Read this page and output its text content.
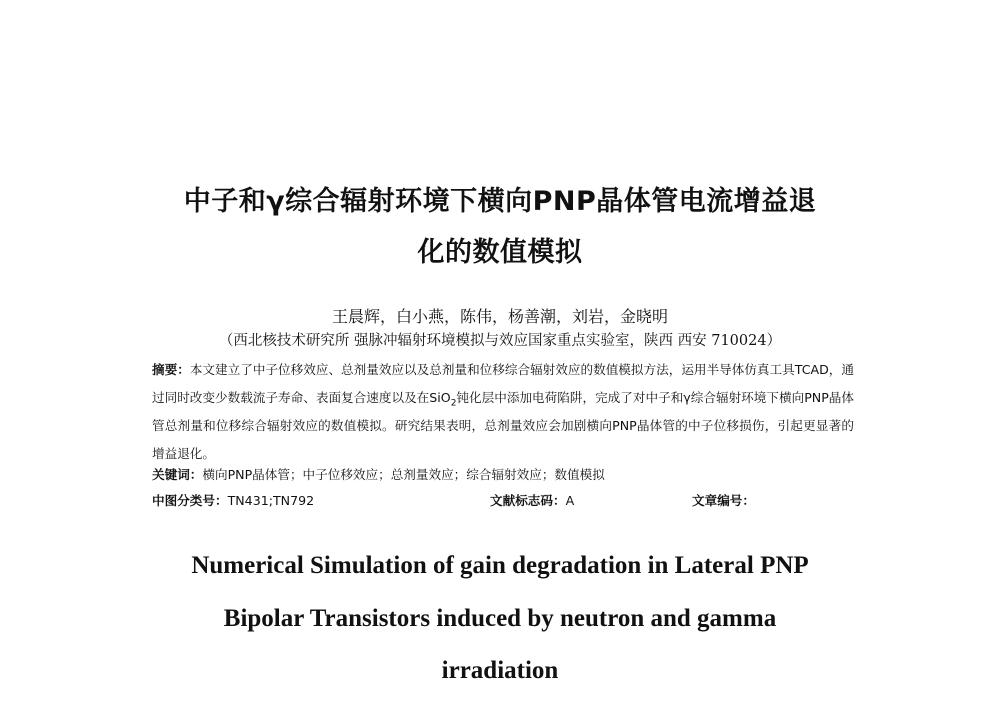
中子和γ综合辐射环境下横向PNP晶体管电流增益退
化的数值模拟
王晨辉，白小燕，陈伟，杨善潮，刘岩，金晓明
（西北核技术研究所 强脉冲辐射环境模拟与效应国家重点实验室，陕西 西安 710024）
摘要：本文建立了中子位移效应、总剂量效应以及总剂量和位移综合辐射效应的数值模拟方法，运用半导体仿真工具TCAD，通过同时改变少数载流子寿命、表面复合速度以及在SiO$_2$钝化层中添加电荷陷阱，完成了对中子和γ综合辐射环境下横向PNP晶体管总剂量和位移综合辐射效应的数值模拟。研究结果表明，总剂量效应会加剧横向PNP晶体管的中子位移损伤，引起更显著的增益退化。
关键词：横向PNP晶体管；中子位移效应；总剂量效应；综合辐射效应；数值模拟
中图分类号：TN431;TN792	文献标志码：A	文章编号：
Numerical Simulation of gain degradation in Lateral PNP
Bipolar Transistors induced by neutron and gamma
irradiation
